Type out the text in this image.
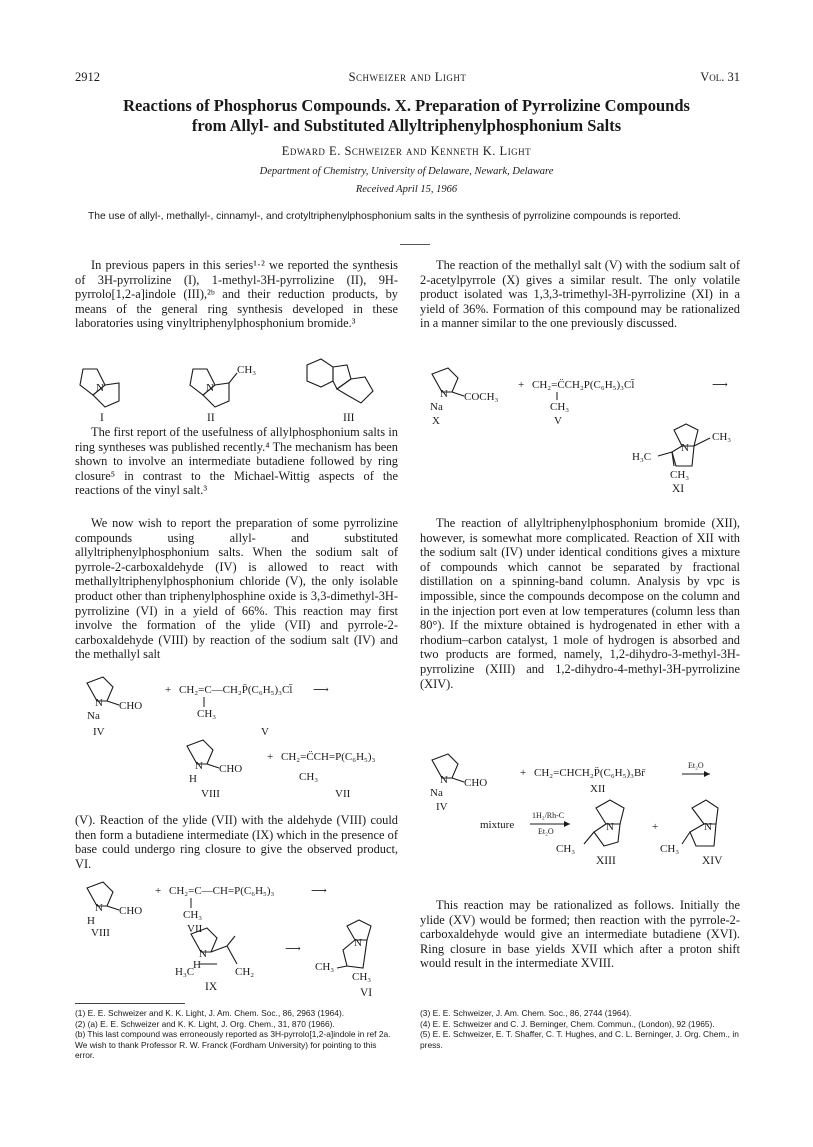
2912	Schweizer and Light	Vol. 31
Reactions of Phosphorus Compounds. X. Preparation of Pyrrolizine Compounds
from Allyl- and Substituted Allyltriphenylphosphonium Salts
Edward E. Schweizer and Kenneth K. Light
Department of Chemistry, University of Delaware, Newark, Delaware
Received April 15, 1966
The use of allyl-, methallyl-, cinnamyl-, and crotyltriphenylphosphonium salts in the synthesis of pyrrolizine compounds is reported.
In previous papers in this series¹·² we reported the synthesis of 3H-pyrrolizine (I), 1-methyl-3H-pyrrolizine (II), 9H-pyrrolo[1,2-a]indole (III),²ᵇ and their reduction products, by means of the general ring synthesis developed in these laboratories using vinyltriphenylphosphonium bromide.³
The first report of the usefulness of allylphosphonium salts in ring syntheses was published recently.⁴ The mechanism has been shown to involve an intermediate butadiene followed by ring closure⁵ in contrast to the Michael-Wittig aspects of the reactions of the vinyl salt.³
We now wish to report the preparation of some pyrrolizine compounds using allyl- and substituted allyltriphenylphosphonium salts. When the sodium salt of pyrrole-2-carboxaldehyde (IV) is allowed to react with methallyltriphenylphosphonium chloride (V), the only isolable product other than triphenylphosphine oxide is 3,3-dimethyl-3H-pyrrolizine (VI) in a yield of 66%. This reaction may first involve the formation of the ylide (VII) and pyrrole-2-carboxaldehyde (VIII) by reaction of the sodium salt (IV) and the methallyl salt
(V). Reaction of the ylide (VII) with the aldehyde (VIII) could then form a butadiene intermediate (IX) which in the presence of base could undergo ring closure to give the observed product, VI.
The reaction of the methallyl salt (V) with the sodium salt of 2-acetylpyrrole (X) gives a similar result. The only volatile product isolated was 1,3,3-trimethyl-3H-pyrrolizine (XI) in a yield of 36%. Formation of this compound may be rationalized in a manner similar to the one previously discussed.
The reaction of allyltriphenylphosphonium bromide (XII), however, is somewhat more complicated. Reaction of XII with the sodium salt (IV) under identical conditions gives a mixture of compounds which cannot be separated by fractional distillation on a spinning-band column. Analysis by vpc is impossible, since the compounds decompose on the column and in the injection port even at low temperatures (column less than 80°). If the mixture obtained is hydrogenated in ether with a rhodium–carbon catalyst, 1 mole of hydrogen is absorbed and two products are formed, namely, 1,2-dihydro-3-methyl-3H-pyrrolizine (XIII) and 1,2-dihydro-4-methyl-3H-pyrrolizine (XIV).
This reaction may be rationalized as follows. Initially the ylide (XV) would be formed; then reaction with the pyrrole-2-carboxaldehyde would give an intermediate butadiene (XVI). Ring closure in base yields XVII which after a proton shift would result in the intermediate XVIII.
N
I
N
CH₃
II	III
N CHO
Na
IV
+ CH₂=C—CH₂P̄(C₆H₅)₃Cl̄
CH₃
⟶
V
N CHO
H
VIII
+ CH₂=C̈CH=P(C₆H₅)₃
CH₃
VII
N CHO
H
VIII
+ CH₂=C—CH=P(C₆H₅)₃
CH₃
⟶
VII
N
H
H₃C	CH₂
IX
⟶	N
CH₃
CH₃
VI
N COCH₃
Na
X
+ CH₂=C̈CH₂P(C₆H₅)₃Cl̄
CH₃
⟶
V
N
CH₃
H₃C
CH₃
XI
N CHO
Na
IV
+ CH₂=CHCH₂P̈(C₆H₅)₃Br̄
Et₂O
XII
mixture
1H₂/Rh-C
Et₂O	N
CH₃
XIII
+	N
CH₃
XIV
(1) E. E. Schweizer and K. K. Light, J. Am. Chem. Soc., 86, 2963 (1964).
(2) (a) E. E. Schweizer and K. K. Light, J. Org. Chem., 31, 870 (1966).
(b) This last compound was erroneously reported as 3H-pyrrolo[1,2-a]indole in ref 2a. We wish to thank Professor R. W. Franck (Fordham University) for pointing to this error.
(3) E. E. Schweizer, J. Am. Chem. Soc., 86, 2744 (1964).
(4) E. E. Schweizer and C. J. Berninger, Chem. Commun., (London), 92 (1965).
(5) E. E. Schweizer, E. T. Shaffer, C. T. Hughes, and C. L. Berninger, J. Org. Chem., in press.
